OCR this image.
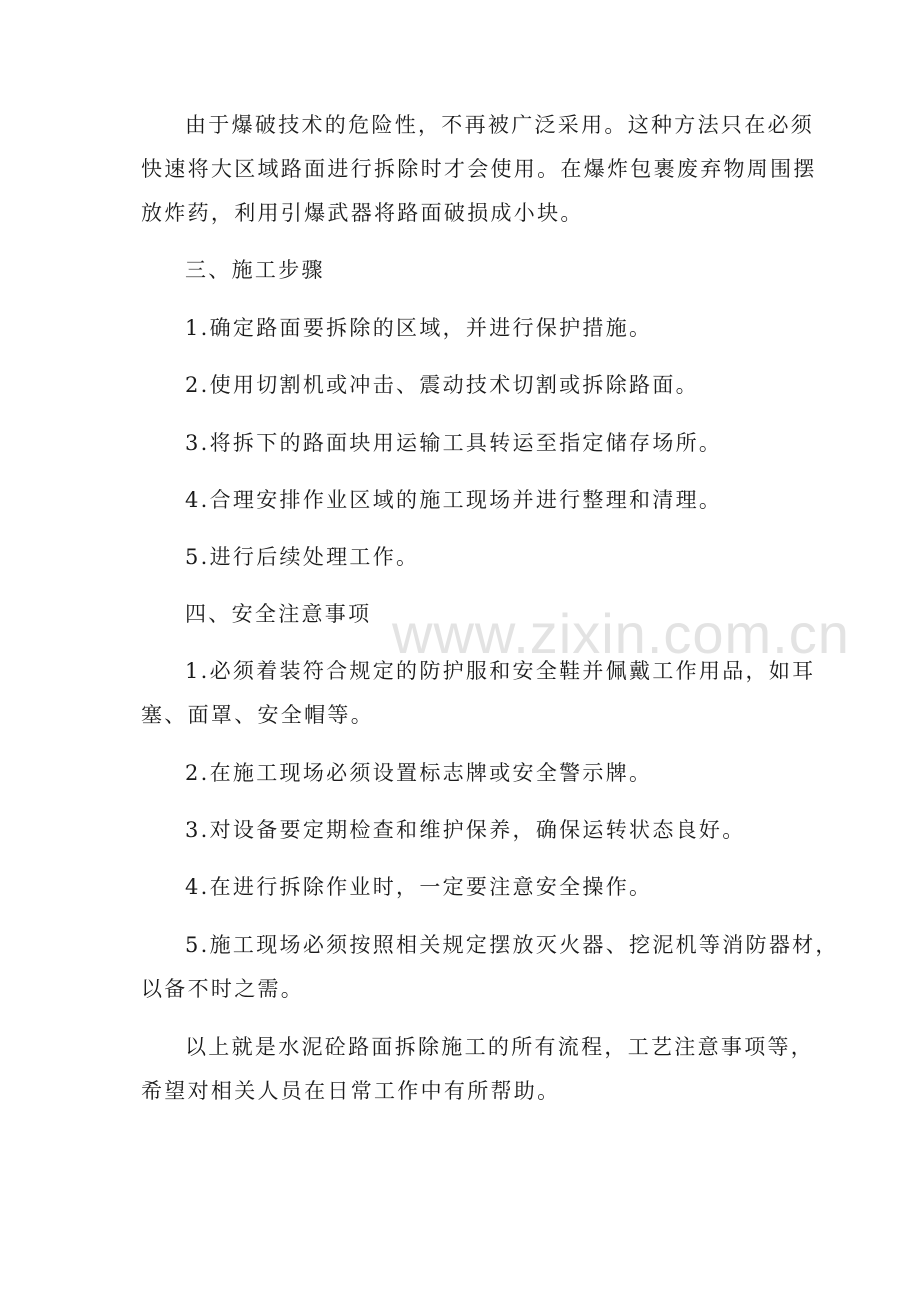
www.zixin.com.cn
由于爆破技术的危险性，不再被广泛采用。这种方法只在必须
快速将大区域路面进行拆除时才会使用。在爆炸包裹废弃物周围摆
放炸药，利用引爆武器将路面破损成小块。
三、施工步骤
1.确定路面要拆除的区域，并进行保护措施。
2.使用切割机或冲击、震动技术切割或拆除路面。
3.将拆下的路面块用运输工具转运至指定储存场所。
4.合理安排作业区域的施工现场并进行整理和清理。
5.进行后续处理工作。
四、安全注意事项
1.必须着装符合规定的防护服和安全鞋并佩戴工作用品，如耳
塞、面罩、安全帽等。
2.在施工现场必须设置标志牌或安全警示牌。
3.对设备要定期检查和维护保养，确保运转状态良好。
4.在进行拆除作业时，一定要注意安全操作。
5.施工现场必须按照相关规定摆放灭火器、挖泥机等消防器材，
以备不时之需。
以上就是水泥砼路面拆除施工的所有流程，工艺注意事项等，
希望对相关人员在日常工作中有所帮助。
